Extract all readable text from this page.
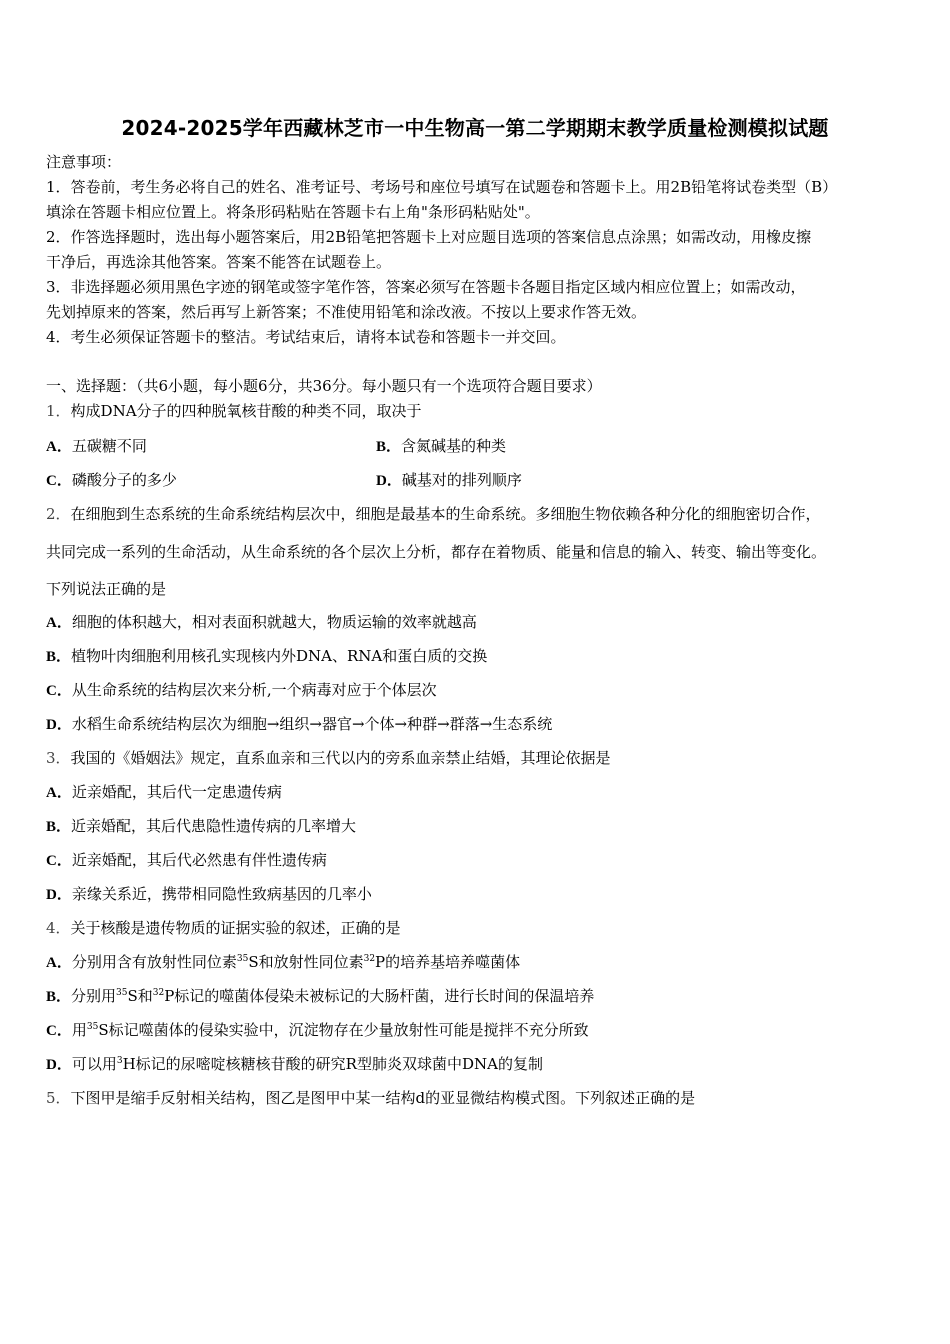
2024-2025学年西藏林芝市一中生物高一第二学期期末教学质量检测模拟试题
注意事项：
1．答卷前，考生务必将自己的姓名、准考证号、考场号和座位号填写在试题卷和答题卡上。用2B铅笔将试卷类型（B）
填涂在答题卡相应位置上。将条形码粘贴在答题卡右上角"条形码粘贴处"。
2．作答选择题时，选出每小题答案后，用2B铅笔把答题卡上对应题目选项的答案信息点涂黑；如需改动，用橡皮擦
干净后，再选涂其他答案。答案不能答在试题卷上。
3．非选择题必须用黑色字迹的钢笔或签字笔作答，答案必须写在答题卡各题目指定区域内相应位置上；如需改动，
先划掉原来的答案，然后再写上新答案；不准使用铅笔和涂改液。不按以上要求作答无效。
4．考生必须保证答题卡的整洁。考试结束后，请将本试卷和答题卡一并交回。
一、选择题：（共6小题，每小题6分，共36分。每小题只有一个选项符合题目要求）
1．构成DNA分子的四种脱氧核苷酸的种类不同，取决于
A．五碳糖不同	B．含氮碱基的种类
C．磷酸分子的多少	D．碱基对的排列顺序
2．在细胞到生态系统的生命系统结构层次中，细胞是最基本的生命系统。多细胞生物依赖各种分化的细胞密切合作，
共同完成一系列的生命活动，从生命系统的各个层次上分析，都存在着物质、能量和信息的输入、转变、输出等变化。
下列说法正确的是
A．细胞的体积越大，相对表面积就越大，物质运输的效率就越高
B．植物叶肉细胞利用核孔实现核内外DNA、RNA和蛋白质的交换
C．从生命系统的结构层次来分析,一个病毒对应于个体层次
D．水稻生命系统结构层次为细胞→组织→器官→个体→种群→群落→生态系统
3．我国的《婚姻法》规定，直系血亲和三代以内的旁系血亲禁止结婚，其理论依据是
A．近亲婚配，其后代一定患遗传病
B．近亲婚配，其后代患隐性遗传病的几率增大
C．近亲婚配，其后代必然患有伴性遗传病
D．亲缘关系近，携带相同隐性致病基因的几率小
4．关于核酸是遗传物质的证据实验的叙述，正确的是
A．分别用含有放射性同位素$^{35}$S和放射性同位素$^{32}$P的培养基培养噬菌体
B．分别用$^{35}$S和$^{32}$P标记的噬菌体侵染未被标记的大肠杆菌，进行长时间的保温培养
C．用$^{35}$S标记噬菌体的侵染实验中，沉淀物存在少量放射性可能是搅拌不充分所致
D．可以用$^3$H标记的尿嘧啶核糖核苷酸的研究R型肺炎双球菌中DNA的复制
5．下图甲是缩手反射相关结构，图乙是图甲中某一结构d的亚显微结构模式图。下列叙述正确的是
